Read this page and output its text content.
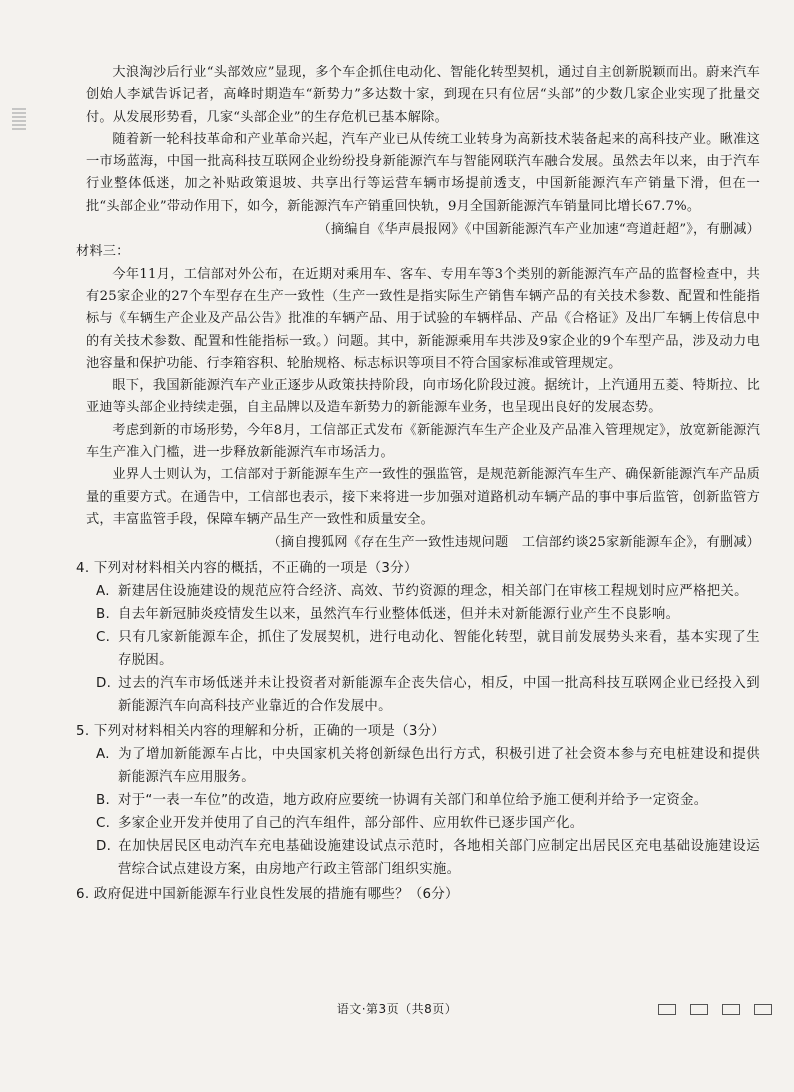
大浪淘沙后行业“头部效应”显现，多个车企抓住电动化、智能化转型契机，通过自主创新脱颖而出。蔚来汽车创始人李斌告诉记者，高峰时期造车“新势力”多达数十家，到现在只有位居“头部”的少数几家企业实现了批量交付。从发展形势看，几家“头部企业”的生存危机已基本解除。

随着新一轮科技革命和产业革命兴起，汽车产业已从传统工业转身为高新技术装备起来的高科技产业。瞅准这一市场蓝海，中国一批高科技互联网企业纷纷投身新能源汽车与智能网联汽车融合发展。虽然去年以来，由于汽车行业整体低迷，加之补贴政策退坡、共享出行等运营车辆市场提前透支，中国新能源汽车产销量下滑，但在一批“头部企业”带动作用下，如今，新能源汽车产销重回快轨，9月全国新能源汽车销量同比增长67.7%。

（摘编自《华声晨报网》《中国新能源汽车产业加速“弯道赶超”》，有删减）

材料三：

今年11月，工信部对外公布，在近期对乘用车、客车、专用车等3个类别的新能源汽车产品的监督检查中，共有25家企业的27个车型存在生产一致性（生产一致性是指实际生产销售车辆产品的有关技术参数、配置和性能指标与《车辆生产企业及产品公告》批准的车辆产品、用于试验的车辆样品、产品《合格证》及出厂车辆上传信息中的有关技术参数、配置和性能指标一致。）问题。其中，新能源乘用车共涉及9家企业的9个车型产品，涉及动力电池容量和保护功能、行李箱容积、轮胎规格、标志标识等项目不符合国家标准或管理规定。

眼下，我国新能源汽车产业正逐步从政策扶持阶段，向市场化阶段过渡。据统计，上汽通用五菱、特斯拉、比亚迪等头部企业持续走强，自主品牌以及造车新势力的新能源车业务，也呈现出良好的发展态势。

考虑到新的市场形势，今年8月，工信部正式发布《新能源汽车生产企业及产品准入管理规定》，放宽新能源汽车生产准入门槛，进一步释放新能源汽车市场活力。

业界人士则认为，工信部对于新能源车生产一致性的强监管，是规范新能源汽车生产、确保新能源汽车产品质量的重要方式。在通告中，工信部也表示，接下来将进一步加强对道路机动车辆产品的事中事后监管，创新监管方式，丰富监管手段，保障车辆产品生产一致性和质量安全。

（摘自搜狐网《存在生产一致性违规问题　工信部约谈25家新能源车企》，有删减）

4. 下列对材料相关内容的概括，不正确的一项是（3分）

A. 新建居住设施建设的规范应符合经济、高效、节约资源的理念，相关部门在审核工程规划时应严格把关。

B. 自去年新冠肺炎疫情发生以来，虽然汽车行业整体低迷，但并未对新能源行业产生不良影响。

C. 只有几家新能源车企，抓住了发展契机，进行电动化、智能化转型，就目前发展势头来看，基本实现了生存脱困。

D. 过去的汽车市场低迷并未让投资者对新能源车企丧失信心，相反，中国一批高科技互联网企业已经投入到新能源汽车向高科技产业靠近的合作发展中。

5. 下列对材料相关内容的理解和分析，正确的一项是（3分）

A. 为了增加新能源车占比，中央国家机关将创新绿色出行方式，积极引进了社会资本参与充电桩建设和提供新能源汽车应用服务。

B. 对于“一表一车位”的改造，地方政府应要统一协调有关部门和单位给予施工便利并给予一定资金。

C. 多家企业开发并使用了自己的汽车组件，部分部件、应用软件已逐步国产化。

D. 在加快居民区电动汽车充电基础设施建设试点示范时，各地相关部门应制定出居民区充电基础设施建设运营综合试点建设方案，由房地产行政主管部门组织实施。

6. 政府促进中国新能源车行业良性发展的措施有哪些？（6分）

语文·第3页（共8页）
